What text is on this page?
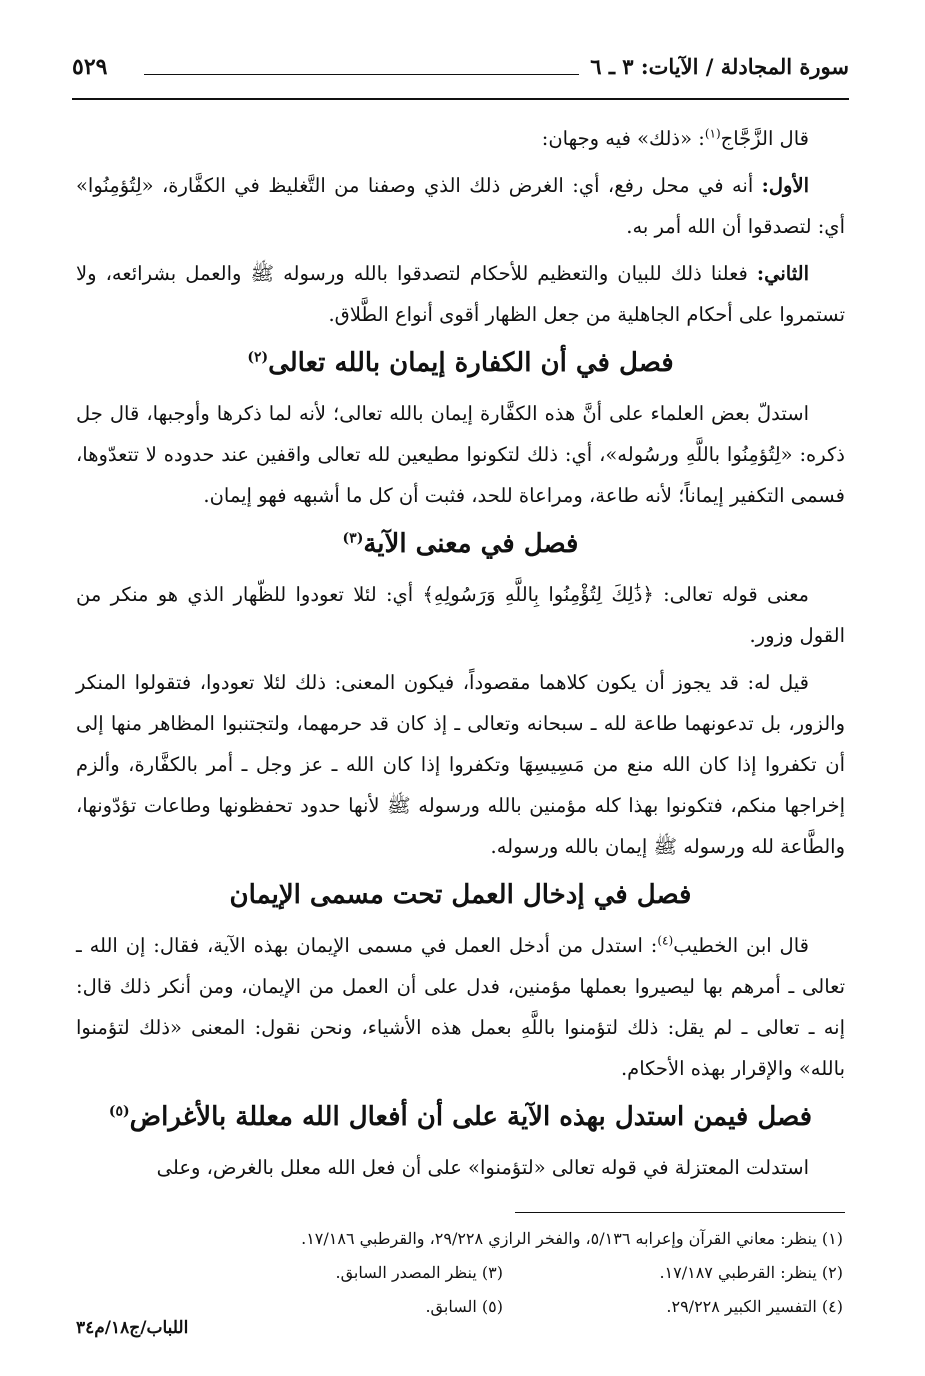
سورة المجادلة / الآيات: ٣ ـ ٦
٥٢٩

قال الزَّجَّاج$^{(١)}$: «ذلك» فيه وجهان:

الأول: أنه في محل رفع، أي: الغرض ذلك الذي وصفنا من التَّغليظ في الكفَّارة، «لِتُؤمِنُوا» أي: لتصدقوا أن الله أمر به.

الثاني: فعلنا ذلك للبيان والتعظيم للأحكام لتصدقوا بالله ورسوله ﷺ والعمل بشرائعه، ولا تستمروا على أحكام الجاهلية من جعل الظهار أقوى أنواع الطَّلاق.

فصل في أن الكفارة إيمان بالله تعالى$^{(٢)}$

استدلّ بعض العلماء على أنَّ هذه الكفَّارة إيمان بالله تعالى؛ لأنه لما ذكرها وأوجبها، قال جل ذكره: «لِتُؤمِنُوا باللَّهِ ورسُوله»، أي: ذلك لتكونوا مطيعين لله تعالى واقفين عند حدوده لا تتعدّوها، فسمى التكفير إيماناً؛ لأنه طاعة، ومراعاة للحد، فثبت أن كل ما أشبهه فهو إيمان.

فصل في معنى الآية$^{(٣)}$

معنى قوله تعالى: ﴿ذَٰلِكَ لِتُؤْمِنُوا بِاللَّهِ وَرَسُولِهِ﴾ أي: لئلا تعودوا للظّهار الذي هو منكر من القول وزور.

قيل له: قد يجوز أن يكون كلاهما مقصوداً، فيكون المعنى: ذلك لئلا تعودوا، فتقولوا المنكر والزور، بل تدعونهما طاعة لله ـ سبحانه وتعالى ـ إذ كان قد حرمهما، ولتجتنبوا المظاهر منها إلى أن تكفروا إذا كان الله منع من مَسِيسِهَا وتكفروا إذا كان الله ـ عز وجل ـ أمر بالكفَّارة، وألزم إخراجها منكم، فتكونوا بهذا كله مؤمنين بالله ورسوله ﷺ لأنها حدود تحفظونها وطاعات تؤدّونها، والطَّاعة لله ورسوله ﷺ إيمان بالله ورسوله.

فصل في إدخال العمل تحت مسمى الإيمان

قال ابن الخطيب$^{(٤)}$: استدل من أدخل العمل في مسمى الإيمان بهذه الآية، فقال: إن الله ـ تعالى ـ أمرهم بها ليصيروا بعملها مؤمنين، فدل على أن العمل من الإيمان، ومن أنكر ذلك قال: إنه ـ تعالى ـ لم يقل: ذلك لتؤمنوا باللَّهِ بعمل هذه الأشياء، ونحن نقول: المعنى «ذلك لتؤمنوا بالله» والإقرار بهذه الأحكام.

فصل فيمن استدل بهذه الآية على أن أفعال الله معللة بالأغراض$^{(٥)}$

استدلت المعتزلة في قوله تعالى «لتؤمنوا» على أن فعل الله معلل بالغرض، وعلى

(١) ينظر: معاني القرآن وإعرابه ٥/١٣٦، والفخر الرازي ٢٩/٢٢٨، والقرطبي ١٧/١٨٦.
(٢) ينظر: القرطبي ١٧/١٨٧.
(٣) ينظر المصدر السابق.
(٤) التفسير الكبير ٢٩/٢٢٨.
(٥) السابق.
اللباب/ج١٨/م٣٤
